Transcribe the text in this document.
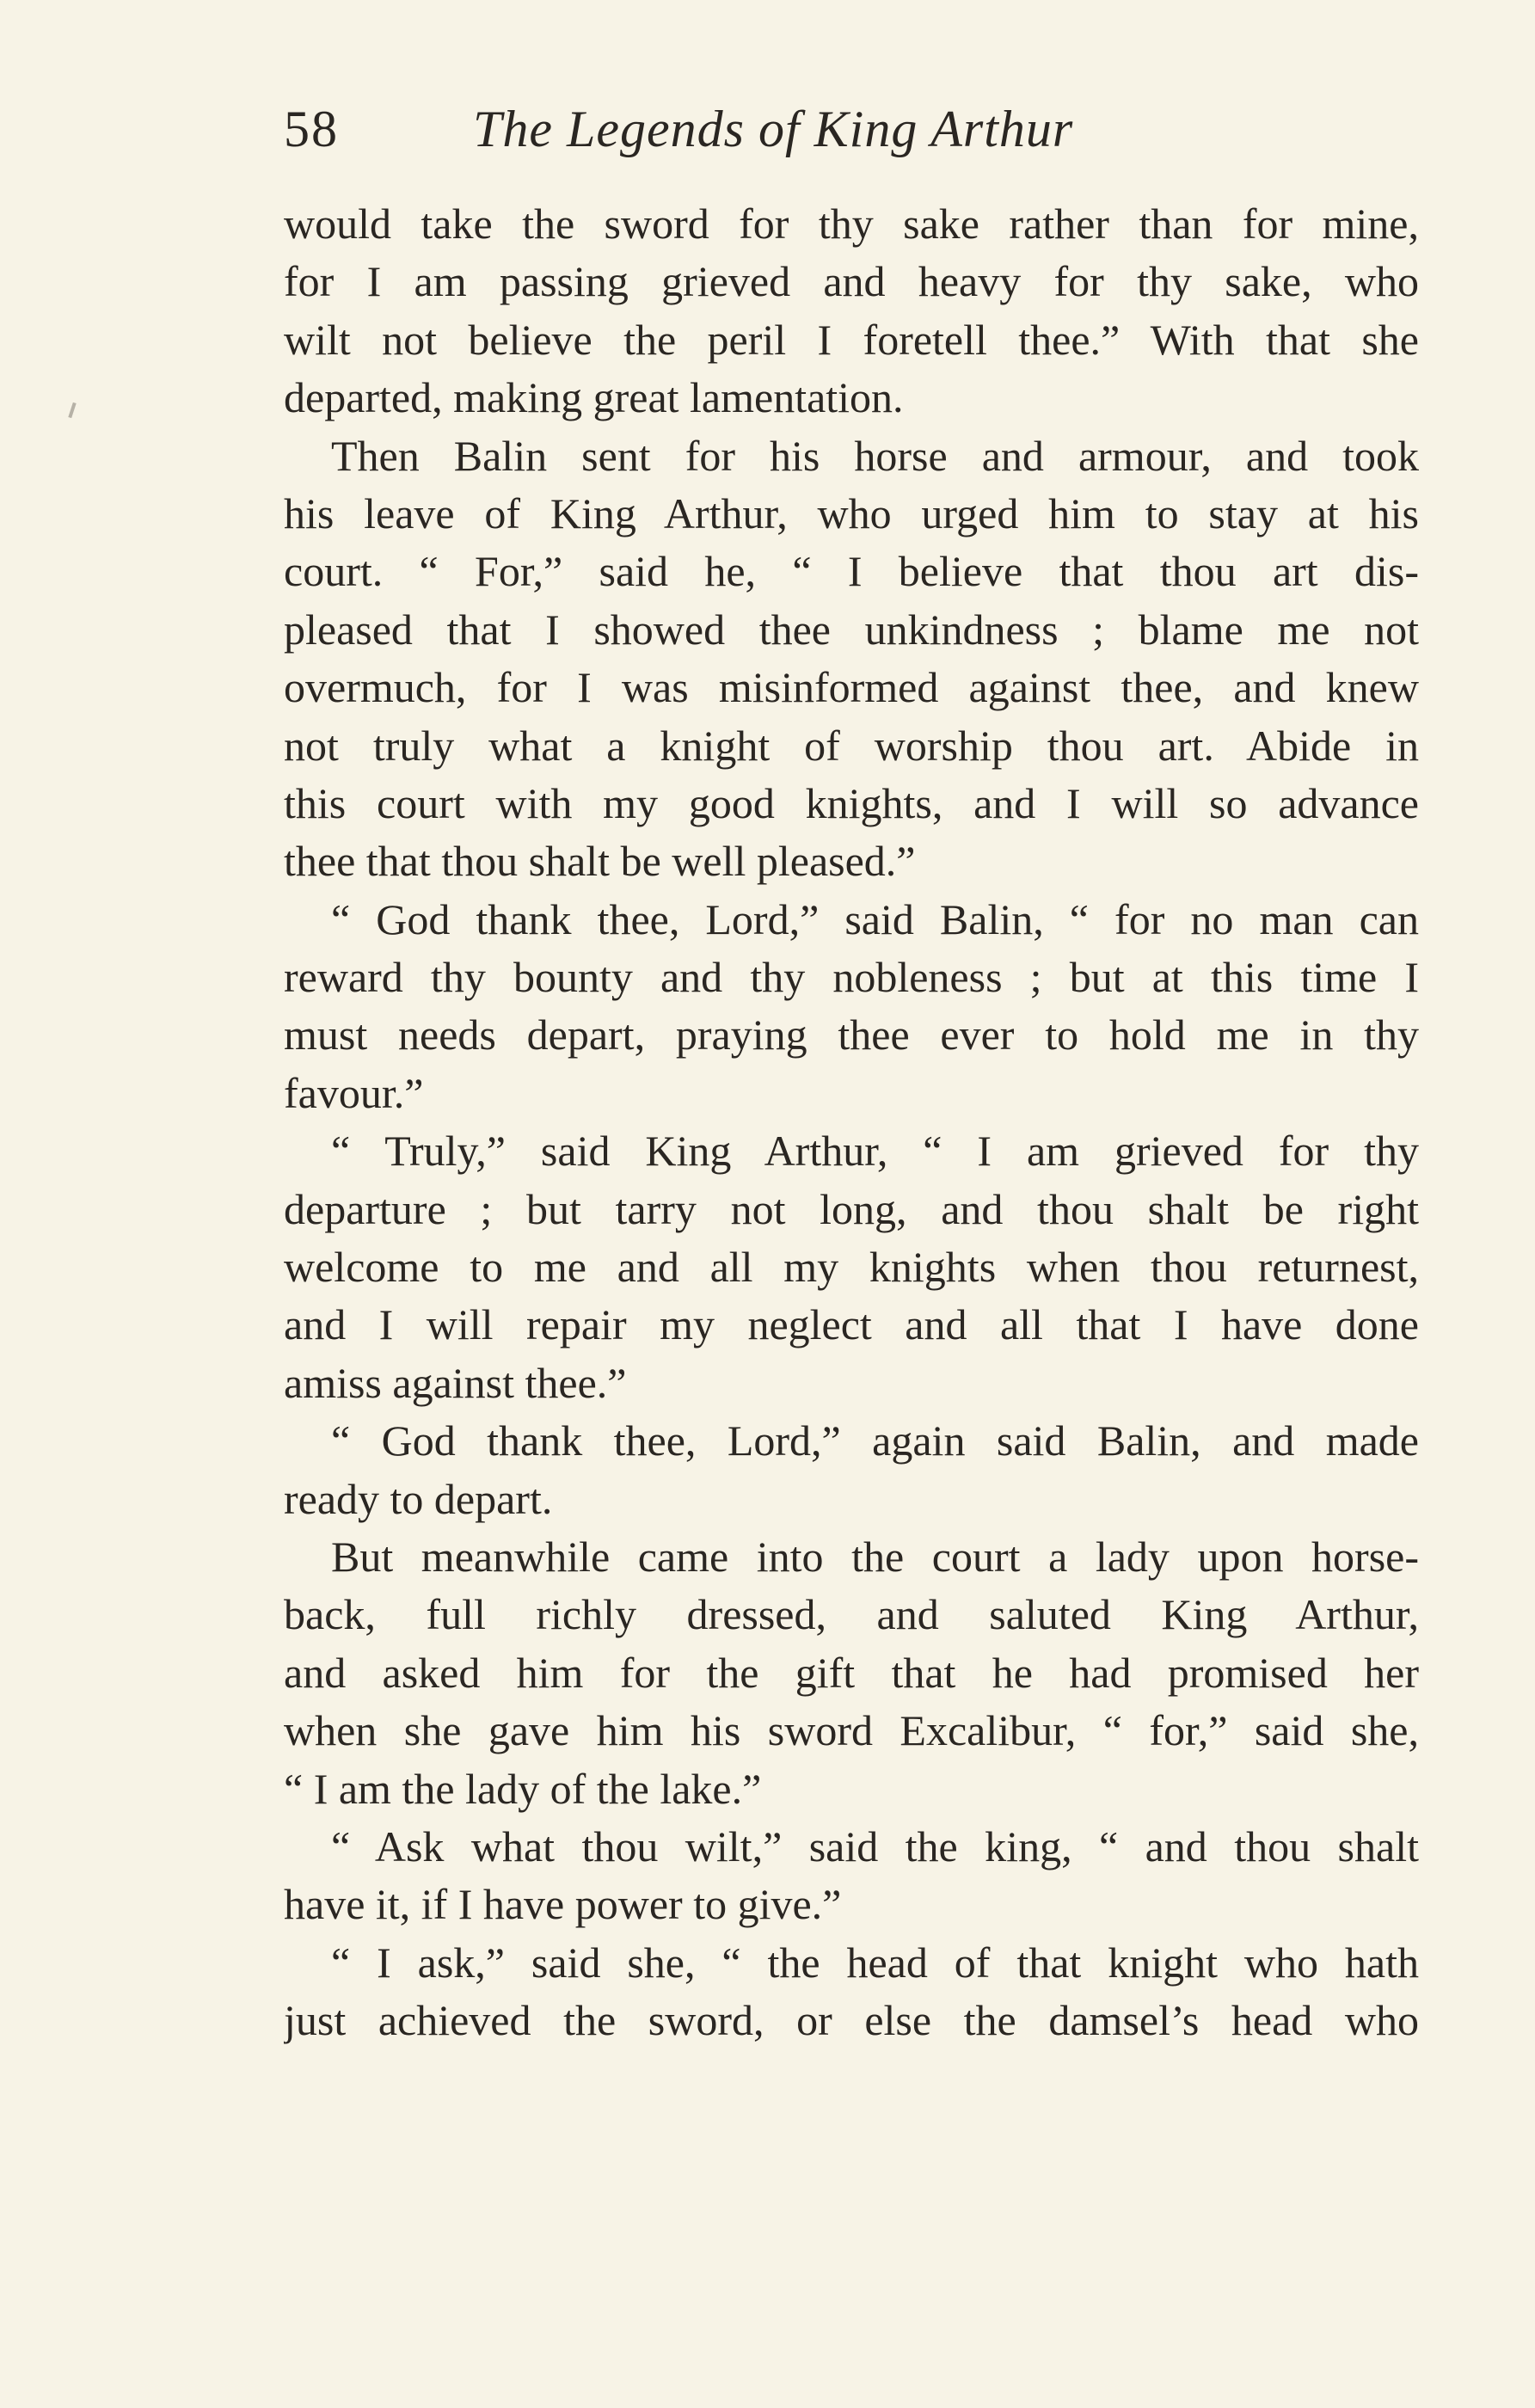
58	The Legends of King Arthur
would take the sword for thy sake rather than for mine,
for I am passing grieved and heavy for thy sake, who
wilt not believe the peril I foretell thee.” With that she
departed, making great lamentation.
Then Balin sent for his horse and armour, and took
his leave of King Arthur, who urged him to stay at his
court. “ For,” said he, “ I believe that thou art dis-
pleased that I showed thee unkindness ; blame me not
overmuch, for I was misinformed against thee, and knew
not truly what a knight of worship thou art. Abide in
this court with my good knights, and I will so advance
thee that thou shalt be well pleased.”
“ God thank thee, Lord,” said Balin, “ for no man can
reward thy bounty and thy nobleness ; but at this time I
must needs depart, praying thee ever to hold me in thy
favour.”
“ Truly,” said King Arthur, “ I am grieved for thy
departure ; but tarry not long, and thou shalt be right
welcome to me and all my knights when thou returnest,
and I will repair my neglect and all that I have done
amiss against thee.”
“ God thank thee, Lord,” again said Balin, and made
ready to depart.
But meanwhile came into the court a lady upon horse-
back, full richly dressed, and saluted King Arthur,
and asked him for the gift that he had promised her
when she gave him his sword Excalibur, “ for,” said she,
“ I am the lady of the lake.”
“ Ask what thou wilt,” said the king, “ and thou shalt
have it, if I have power to give.”
“ I ask,” said she, “ the head of that knight who hath
just achieved the sword, or else the damsel’s head who
